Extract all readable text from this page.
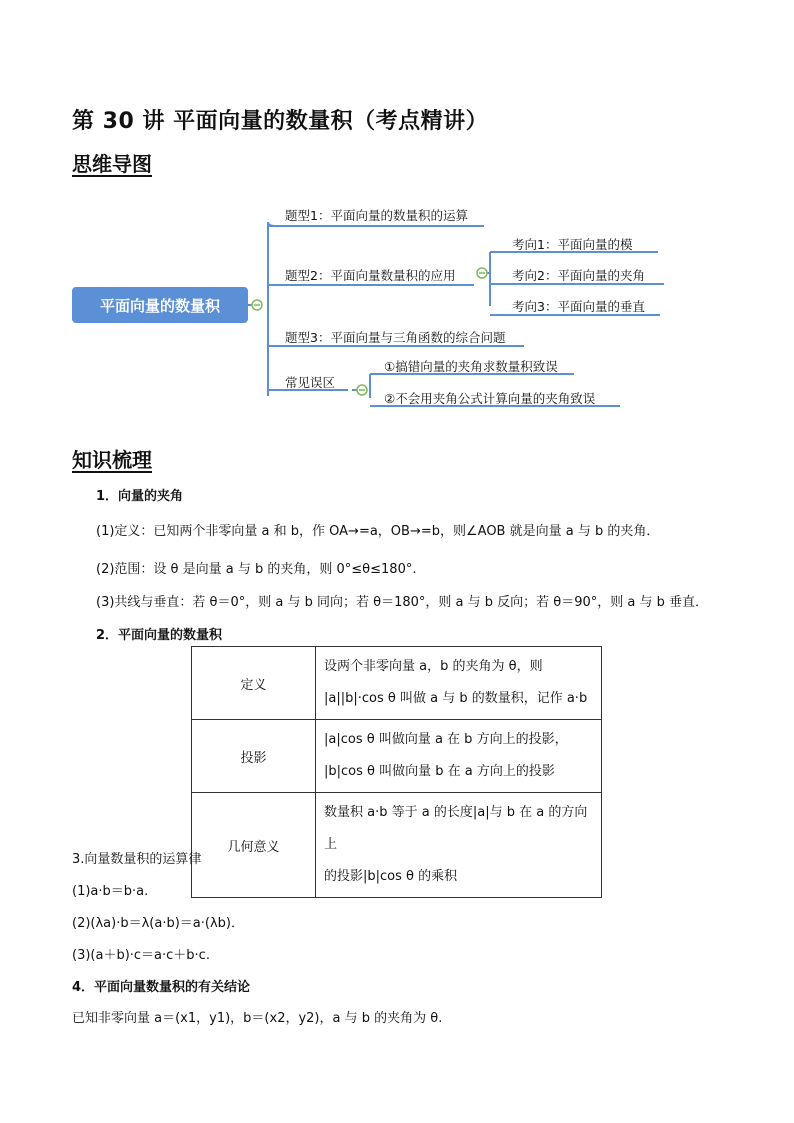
第 30 讲 平面向量的数量积（考点精讲）
思维导图
平面向量的数量积
题型1：平面向量的数量积的运算
题型2：平面向量数量积的应用
题型3：平面向量与三角函数的综合问题
常见误区
考向1：平面向量的模
考向2：平面向量的夹角
考向3：平面向量的垂直
①搞错向量的夹角求数量积致误
②不会用夹角公式计算向量的夹角致误
知识梳理
1．向量的夹角
(1)定义：已知两个非零向量 a 和 b，作 OA→=a，OB→=b，则∠AOB 就是向量 a 与 b 的夹角．
(2)范围：设 θ 是向量 a 与 b 的夹角，则 0°≤θ≤180°.
(3)共线与垂直：若 θ＝0°，则 a 与 b 同向；若 θ＝180°，则 a 与 b 反向；若 θ＝90°，则 a 与 b 垂直．
2．平面向量的数量积
定义	设两个非零向量 a，b 的夹角为 θ，则
|a||b|·cos θ 叫做 a 与 b 的数量积，记作 a·b

投影	|a|cos θ 叫做向量 a 在 b 方向上的投影，
|b|cos θ 叫做向量 b 在 a 方向上的投影

几何意义	数量积 a·b 等于 a 的长度|a|与 b 在 a 的方向上
的投影|b|cos θ 的乘积
3.向量数量积的运算律
(1)a·b＝b·a.
(2)(λa)·b＝λ(a·b)＝a·(λb)．
(3)(a＋b)·c＝a·c＋b·c.
4．平面向量数量积的有关结论
已知非零向量 a＝(x1，y1)，b＝(x2，y2)，a 与 b 的夹角为 θ.
